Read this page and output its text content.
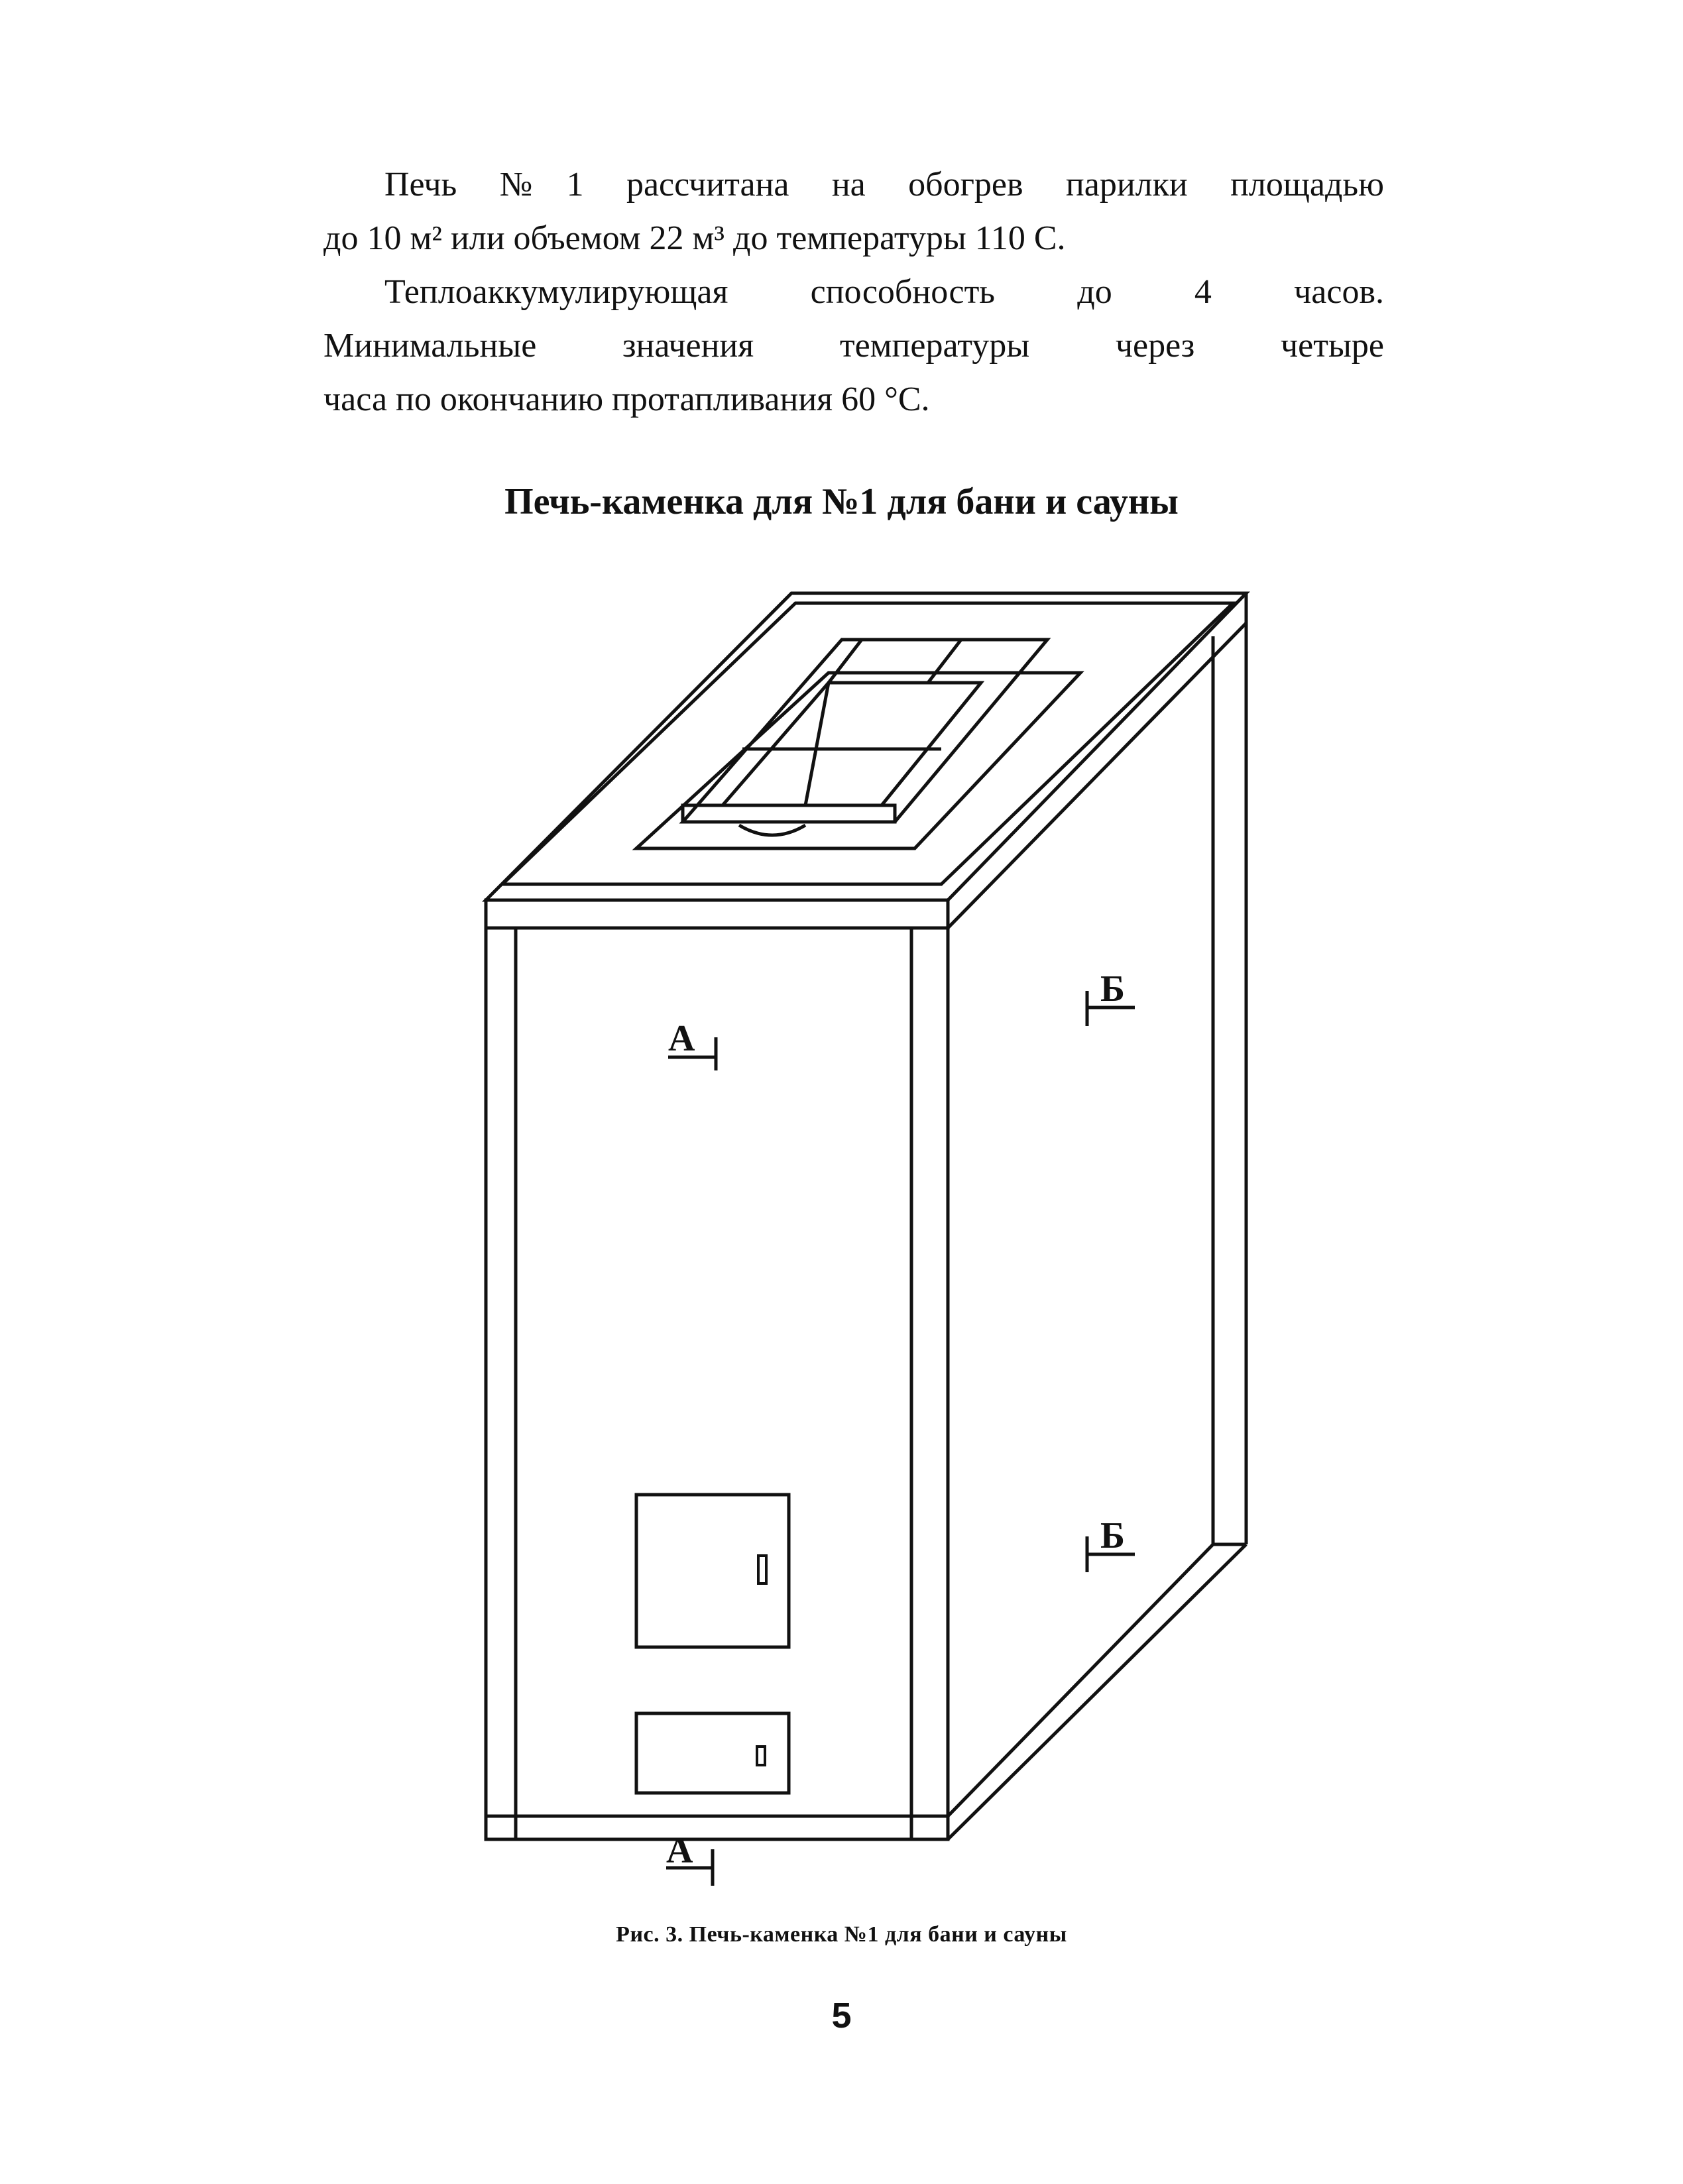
Печь №1 рассчитана на обогрев парилки площадью

до 10 м² или объемом 22 м³ до температуры 110 С.

Теплоаккумулирующая способность до 4 часов.

Минимальные значения температуры через четыре
часа по окончанию протапливания 60 °С.

Печь-каменка для №1 для бани и сауны
А
А
Б
Б
Рис. 3. Печь-каменка №1 для бани и сауны
5
